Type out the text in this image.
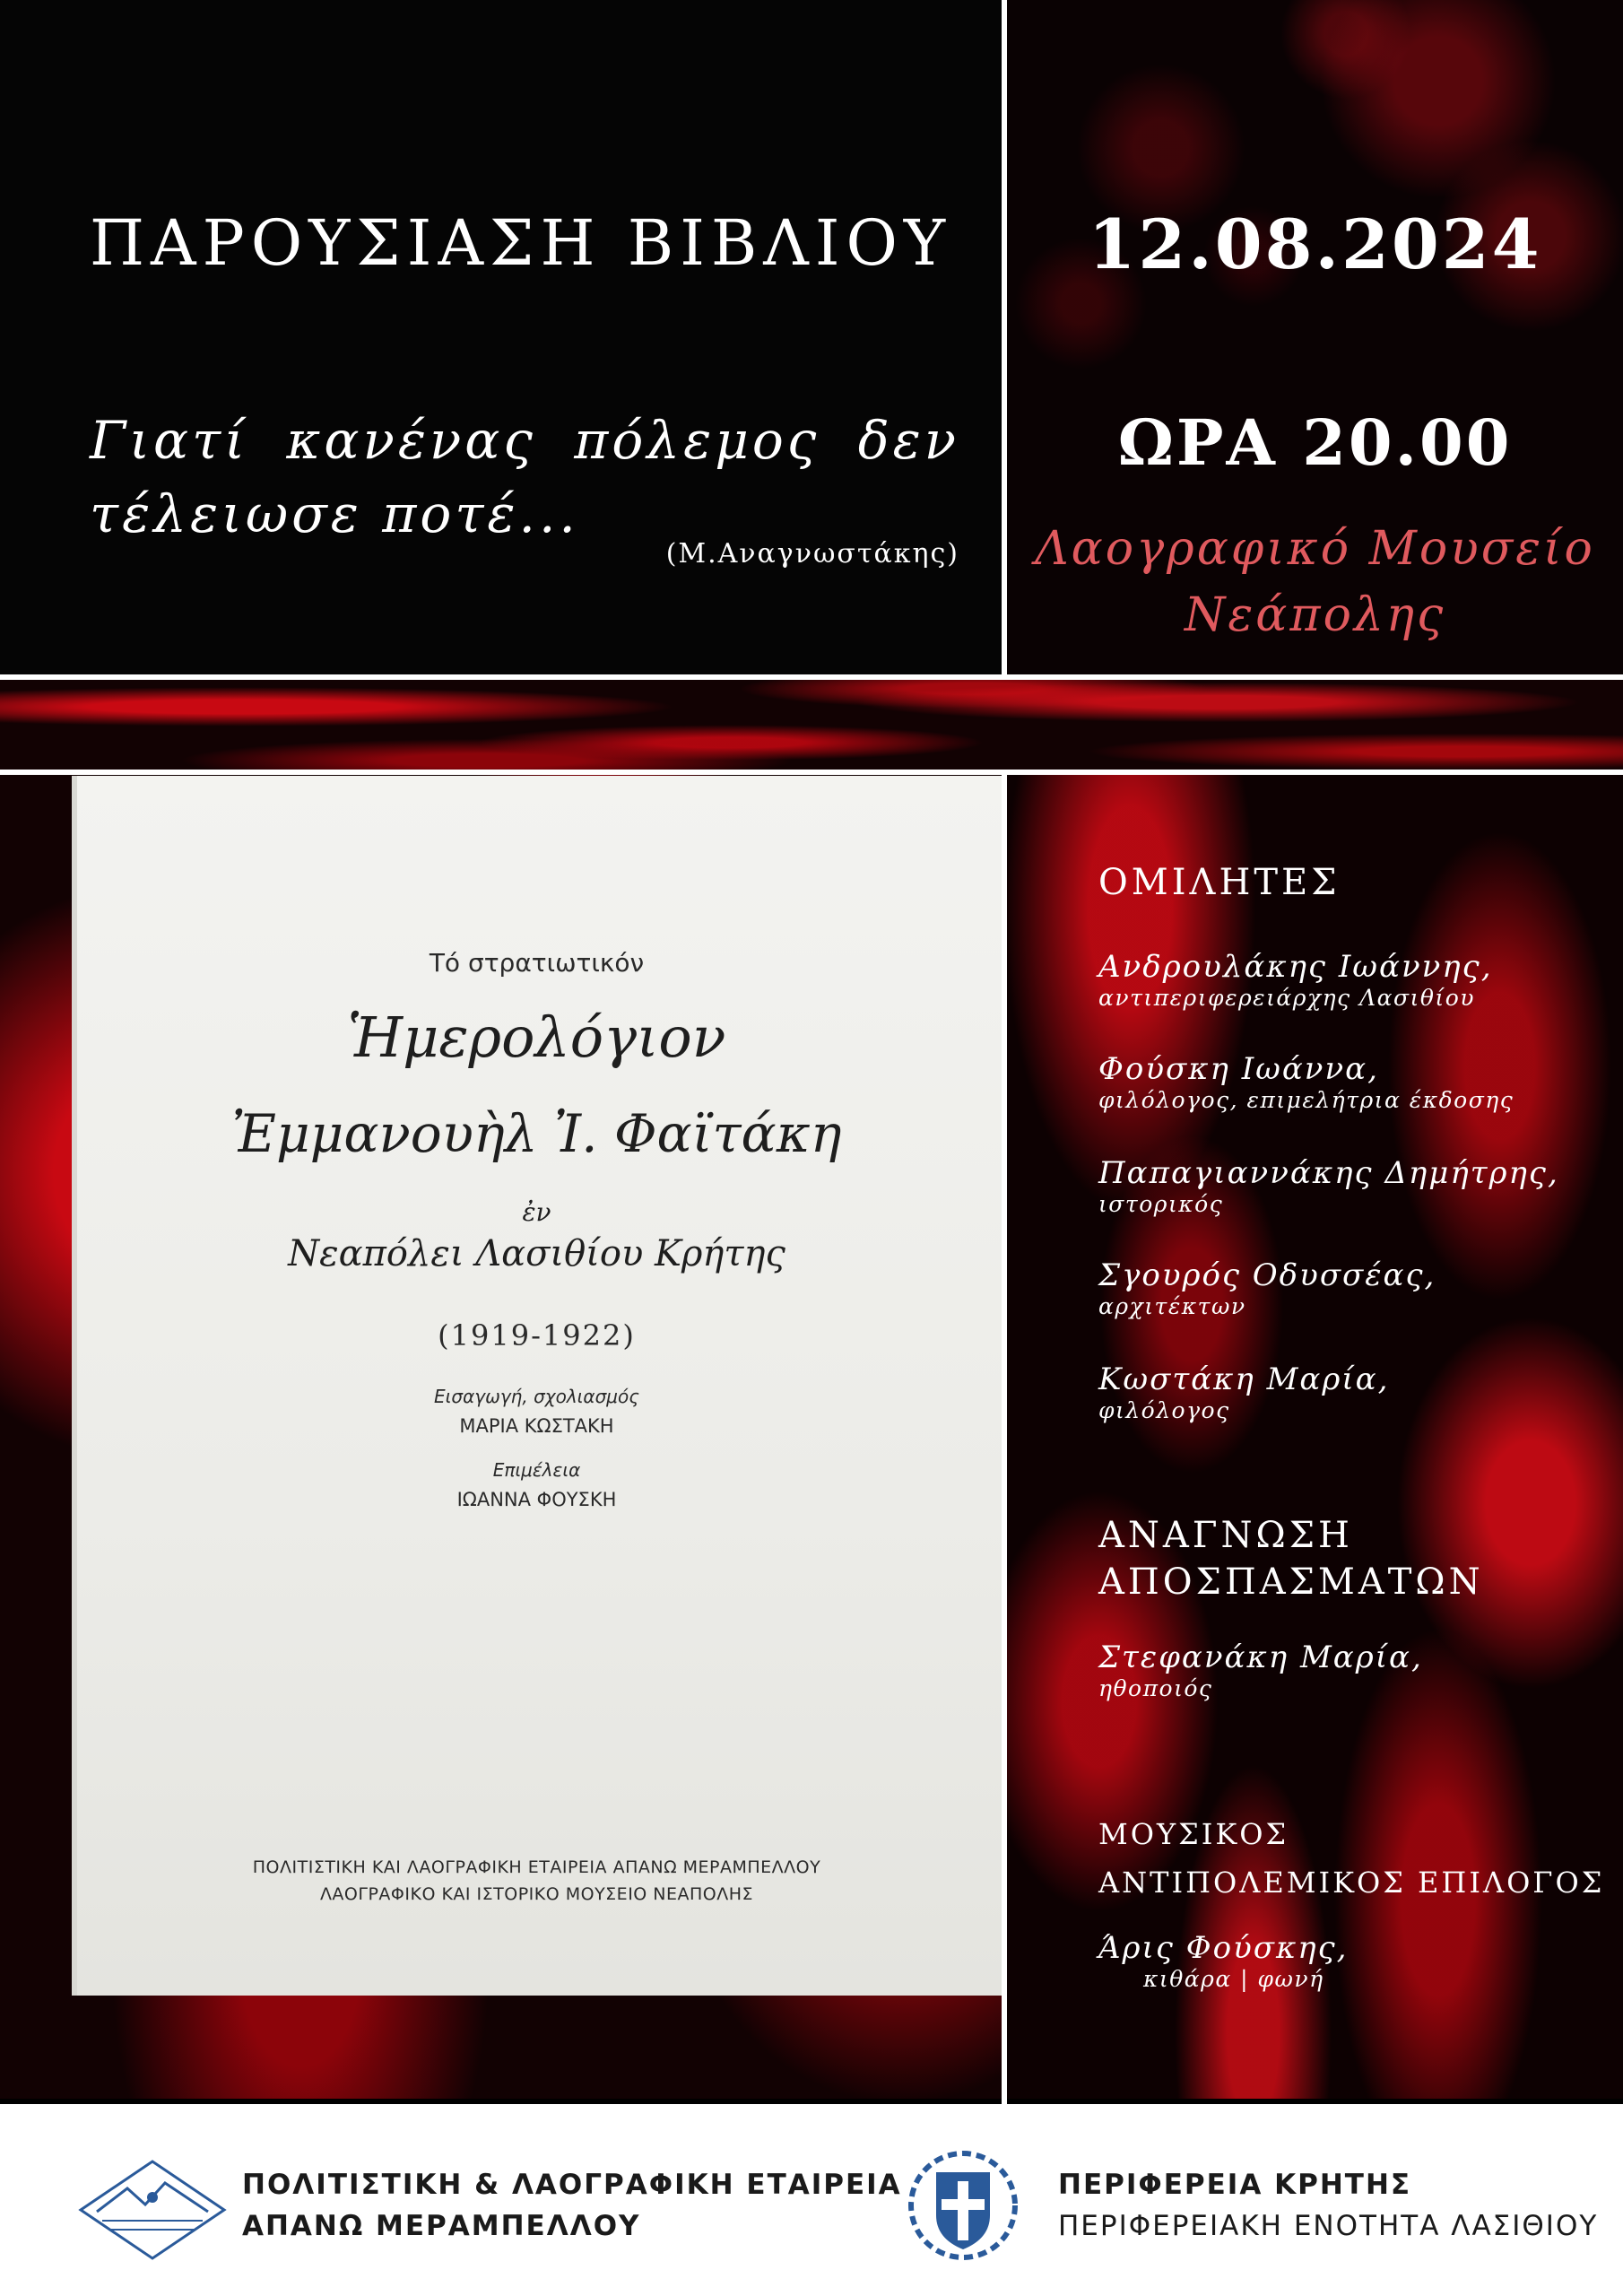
ΠΑΡΟΥΣΙΑΣΗ ΒΙΒΛΙΟΥ
Γιατί κανένας πόλεμος δεν τέλειωσε ποτέ...
(Μ.Αναγνωστάκης)
12.08.2024
ΩΡΑ 20.00
Λαογραφικό Μουσείο
Νεάπολης
Τό στρατιωτικόν
Ἡμερολόγιον
Ἐμμανουὴλ Ἰ. Φαϊτάκη
ἐν
Νεαπόλει Λασιθίου Κρήτης
(1919-1922)
Εισαγωγή, σχολιασμός
ΜΑΡΙΑ ΚΩΣΤΑΚΗ
Επιμέλεια
ΙΩΑΝΝΑ ΦΟΥΣΚΗ
ΠΟΛΙΤΙΣΤΙΚΗ ΚΑΙ ΛΑΟΓΡΑΦΙΚΗ ΕΤΑΙΡΕΙΑ ΑΠΑΝΩ ΜΕΡΑΜΠΕΛΛΟΥ
ΛΑΟΓΡΑΦΙΚΟ ΚΑΙ ΙΣΤΟΡΙΚΟ ΜΟΥΣΕΙΟ ΝΕΑΠΟΛΗΣ
ΟΜΙΛΗΤΕΣ
Ανδρουλάκης Ιωάννης,
αντιπεριφερειάρχης Λασιθίου
Φούσκη Ιωάννα,
φιλόλογος, επιμελήτρια έκδοσης
Παπαγιαννάκης Δημήτρης,
ιστορικός
Σγουρός Οδυσσέας,
αρχιτέκτων
Κωστάκη Μαρία,
φιλόλογος
ΑΝΑΓΝΩΣΗ
ΑΠΟΣΠΑΣΜΑΤΩΝ
Στεφανάκη Μαρία,
ηθοποιός
ΜΟΥΣΙΚΟΣ
ΑΝΤΙΠΟΛΕΜΙΚΟΣ ΕΠΙΛΟΓΟΣ
Άρις Φούσκης,
κιθάρα | φωνή
ΠΟΛΙΤΙΣΤΙΚΗ & ΛΑΟΓΡΑΦΙΚΗ ΕΤΑΙΡΕΙΑ
ΑΠΑΝΩ ΜΕΡΑΜΠΕΛΛΟΥ
ΠΕΡΙΦΕΡΕΙΑ ΚΡΗΤΗΣ
ΠΕΡΙΦΕΡΕΙΑΚΗ ΕΝΟΤΗΤΑ ΛΑΣΙΘΙΟΥ
